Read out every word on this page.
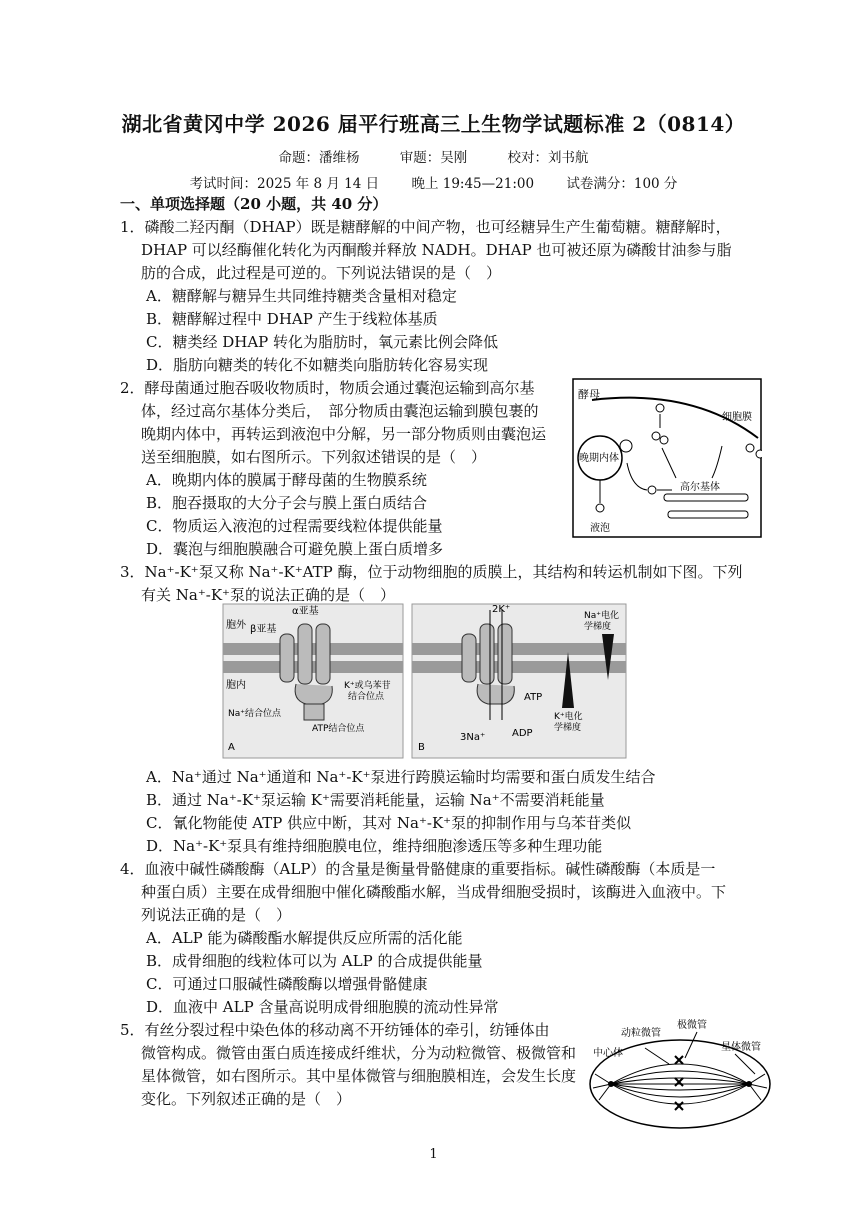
湖北省黄冈中学 2026 届平行班高三上生物学试题标准 2（0814）
命题：潘维杨	审题：吴刚	校对：刘书航
考试时间：2025 年 8 月 14 日 晚上 19:45—21:00 试卷满分：100 分
一、单项选择题（20 小题，共 40 分）
1．磷酸二羟丙酮（DHAP）既是糖酵解的中间产物，也可经糖异生产生葡萄糖。糖酵解时，
DHAP 可以经酶催化转化为丙酮酸并释放 NADH。DHAP 也可被还原为磷酸甘油参与脂
肪的合成，此过程是可逆的。下列说法错误的是（　）
A．糖酵解与糖异生共同维持糖类含量相对稳定
B．糖酵解过程中 DHAP 产生于线粒体基质
C．糖类经 DHAP 转化为脂肪时，氧元素比例会降低
D．脂肪向糖类的转化不如糖类向脂肪转化容易实现
2．酵母菌通过胞吞吸收物质时，物质会通过囊泡运输到高尔基
体，经过高尔基体分类后，　部分物质由囊泡运输到膜包裹的
晚期内体中，再转运到液泡中分解，另一部分物质则由囊泡运
送至细胞膜，如右图所示。下列叙述错误的是（　）
A．晚期内体的膜属于酵母菌的生物膜系统
B．胞吞摄取的大分子会与膜上蛋白质结合
C．物质运入液泡的过程需要线粒体提供能量
D．囊泡与细胞膜融合可避免膜上蛋白质增多
酵母
细胞膜
晚期内体
液泡
高尔基体
3．Na⁺-K⁺泵又称 Na⁺-K⁺ATP 酶，位于动物细胞的质膜上，其结构和转运机制如下图。下列
有关 Na⁺-K⁺泵的说法正确的是（　）
胞外
胞内
α亚基
β亚基
K⁺或乌苯苷
结合位点
Na⁺结合位点
ATP结合位点
A
2K⁺
3Na⁺
ATP
ADP
Na⁺电化
学梯度
K⁺电化
学梯度
B
A．Na⁺通过 Na⁺通道和 Na⁺-K⁺泵进行跨膜运输时均需要和蛋白质发生结合
B．通过 Na⁺-K⁺泵运输 K⁺需要消耗能量，运输 Na⁺不需要消耗能量
C．氰化物能使 ATP 供应中断，其对 Na⁺-K⁺泵的抑制作用与乌苯苷类似
D．Na⁺-K⁺泵具有维持细胞膜电位，维持细胞渗透压等多种生理功能
4．血液中碱性磷酸酶（ALP）的含量是衡量骨骼健康的重要指标。碱性磷酸酶（本质是一
种蛋白质）主要在成骨细胞中催化磷酸酯水解，当成骨细胞受损时，该酶进入血液中。下
列说法正确的是（　）
A．ALP 能为磷酸酯水解提供反应所需的活化能
B．成骨细胞的线粒体可以为 ALP 的合成提供能量
C．可通过口服碱性磷酸酶以增强骨骼健康
D．血液中 ALP 含量高说明成骨细胞膜的流动性异常
5．有丝分裂过程中染色体的移动离不开纺锤体的牵引，纺锤体由
微管构成。微管由蛋白质连接成纤维状，分为动粒微管、极微管和
星体微管，如右图所示。其中星体微管与细胞膜相连，会发生长度
变化。下列叙述正确的是（　）
动粒微管
极微管
星体微管
中心体
1
